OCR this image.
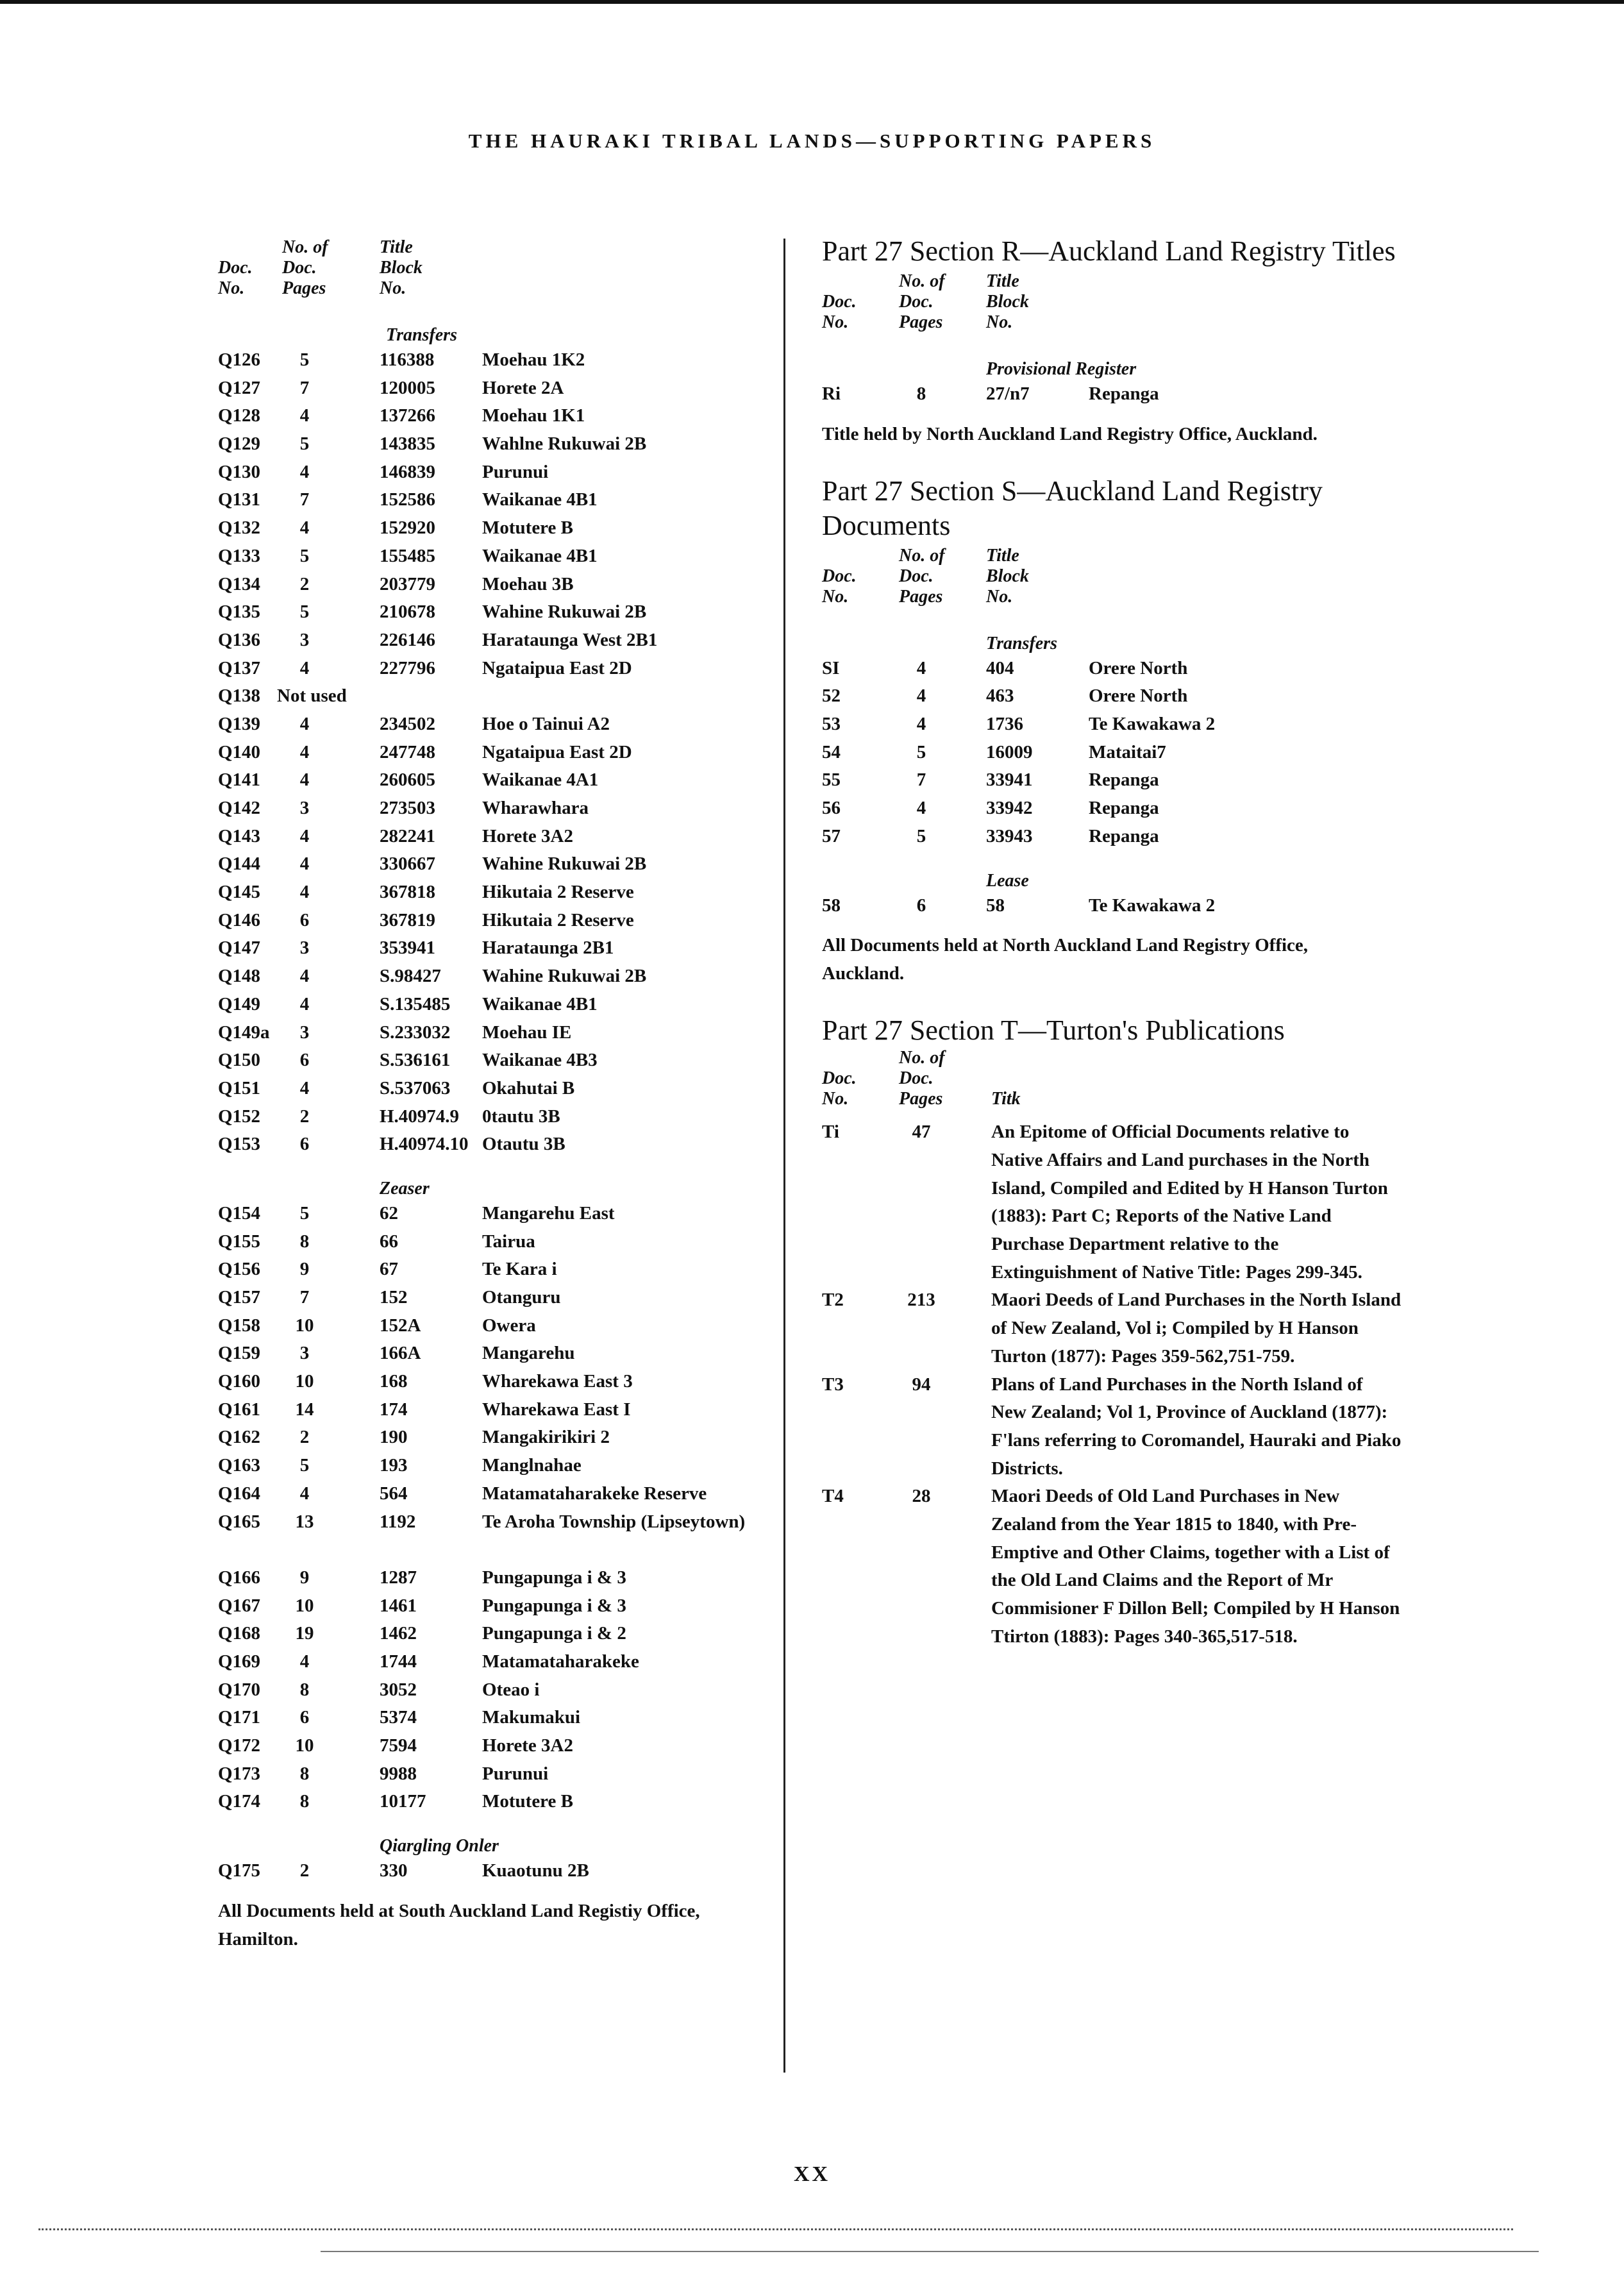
THE HAURAKI TRIBAL LANDS—SUPPORTING PAPERS
Doc.
No.
No. of
Doc.
Pages
Title
Block
No.
Transfers
Q126	5	116388	Moehau 1K2
Q127	7	120005	Horete 2A
Q128	4	137266	Moehau 1K1
Q129	5	143835	Wahlne Rukuwai 2B
Q130	4	146839	Purunui
Q131	7	152586	Waikanae 4B1
Q132	4	152920	Motutere B
Q133	5	155485	Waikanae 4B1
Q134	2	203779	Moehau 3B
Q135	5	210678	Wahine Rukuwai 2B
Q136	3	226146	Harataunga West 2B1
Q137	4	227796	Ngataipua East 2D
Q138 Not used
Q139	4	234502	Hoe o Tainui A2
Q140	4	247748	Ngataipua East 2D
Q141	4	260605	Waikanae 4A1
Q142	3	273503	Wharawhara
Q143	4	282241	Horete 3A2
Q144	4	330667	Wahine Rukuwai 2B
Q145	4	367818	Hikutaia 2 Reserve
Q146	6	367819	Hikutaia 2 Reserve
Q147	3	353941	Harataunga 2B1
Q148	4	S.98427 Wahine Rukuwai 2B
Q149	4	S.135485 Waikanae 4B1
Q149a	3	S.233032 Moehau IE
Q150	6	S.536161 Waikanae 4B3
Q151	4	S.537063 Okahutai B
Q152	2	H.40974.9 0tautu 3B
Q153	6	H.40974.10 Otautu 3B
Zeaser
Q154	5	62	Mangarehu East
Q155	8	66	Tairua
Q156	9	67	Te Kara i
Q157	7	152	Otanguru
Q158	10	152A	Owera
Q159	3	166A	Mangarehu
Q160	10	168	Wharekawa East 3
Q161	14	174	Wharekawa East I
Q162	2	190	Mangakirikiri 2
Q163	5	193	Manglnahae
Q164	4	564	Matamataharakeke Reserve
Q165	13	1192	Te Aroha Township (Lipseytown)
Q166	9	1287	Pungapunga i & 3
Q167	10	1461	Pungapunga i & 3
Q168	19	1462	Pungapunga i & 2
Q169	4	1744	Matamataharakeke
Q170	8	3052	Oteao i
Q171	6	5374	Makumakui
Q172	10	7594	Horete 3A2
Q173	8	9988	Purunui
Q174	8	10177	Motutere B
Qiargling Onler
Q175	2	330	Kuaotunu 2B
All Documents held at South Auckland Land Registiy Office, Hamilton.
Part 27 Section R—Auckland Land Registry Titles
Doc.
No.
No. of
Doc.
Pages
Title
Block
No.
Provisional Register
Ri	8	27/n7	Repanga
Title held by North Auckland Land Registry Office, Auckland.
Part 27 Section S—Auckland Land Registry Documents
Doc.
No.
No. of
Doc.
Pages
Title
Block
No.
Transfers
SI	4	404	Orere North
52	4	463	Orere North
53	4	1736	Te Kawakawa 2
54	5	16009	Mataitai7
55	7	33941	Repanga
56	4	33942	Repanga
57	5	33943	Repanga
Lease
58	6	58	Te Kawakawa 2
All Documents held at North Auckland Land Registry Office, Auckland.
Part 27 Section T—Turton's Publications
Doc.
No.
No. of
Doc.
Pages	Titk
Ti	47	An Epitome of Official Documents relative to Native Affairs and Land purchases in the North Island, Compiled and Edited by H Hanson Turton (1883): Part C; Reports of the Native Land Purchase Department relative to the Extinguishment of Native Title: Pages 299-345.
T2	213	Maori Deeds of Land Purchases in the North Island of New Zealand, Vol i; Compiled by H Hanson Turton (1877): Pages 359-562,751-759.
T3	94	Plans of Land Purchases in the North Island of New Zealand; Vol 1, Province of Auckland (1877): F'lans referring to Coromandel, Hauraki and Piako Districts.
T4	28	Maori Deeds of Old Land Purchases in New Zealand from the Year 1815 to 1840, with Pre-Emptive and Other Claims, together with a List of the Old Land Claims and the Report of Mr Commisioner F Dillon Bell; Compiled by H Hanson Ttirton (1883): Pages 340-365,517-518.
XX
